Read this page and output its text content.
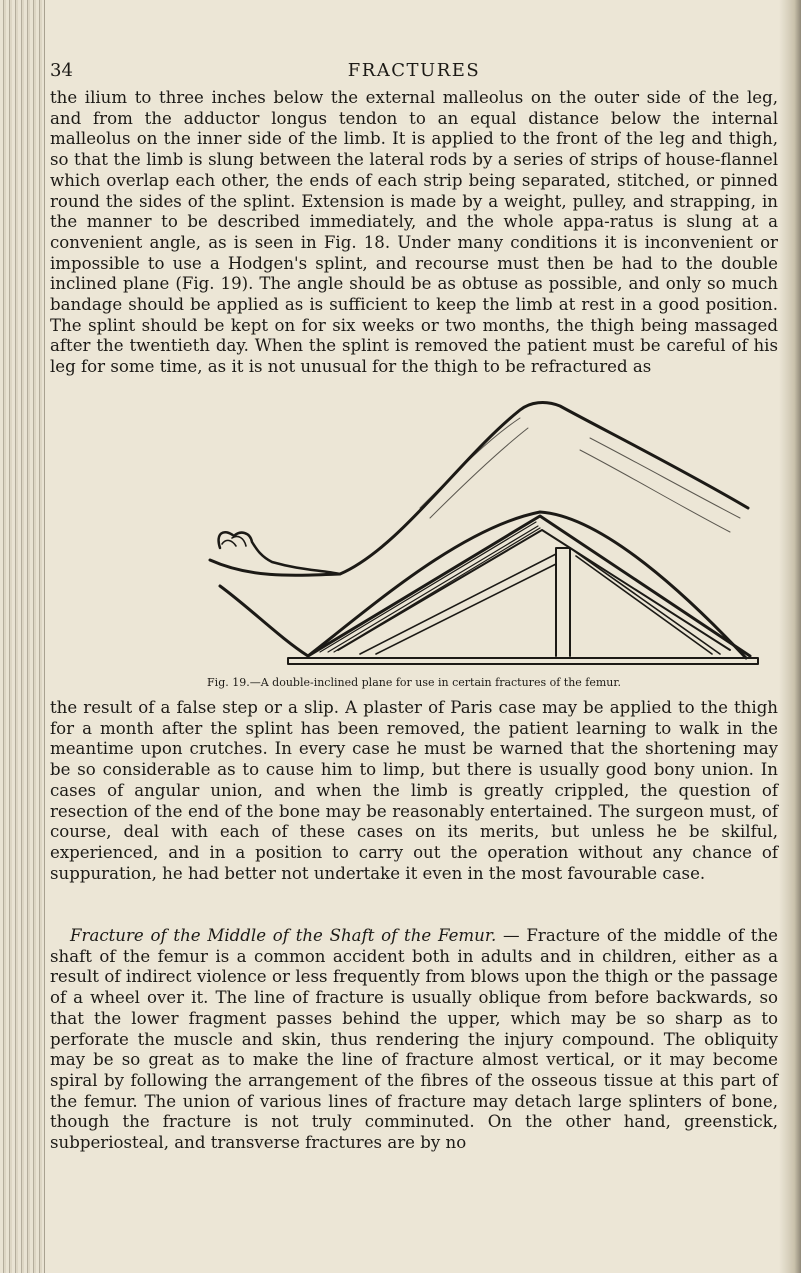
34	FRACTURES

the ilium to three inches below the external malleolus on the outer side of the leg, and from the adductor longus tendon to an equal distance below the internal malleolus on the inner side of the limb. It is applied to the front of the leg and thigh, so that the limb is slung between the lateral rods by a series of strips of house-flannel which overlap each other, the ends of each strip being separated, stitched, or pinned round the sides of the splint. Extension is made by a weight, pulley, and strapping, in the manner to be described immediately, and the whole appa-ratus is slung at a convenient angle, as is seen in Fig. 18. Under many conditions it is inconvenient or impossible to use a Hodgen's splint, and recourse must then be had to the double inclined plane (Fig. 19). The angle should be as obtuse as possible, and only so much bandage should be applied as is sufficient to keep the limb at rest in a good position. The splint should be kept on for six weeks or two months, the thigh being massaged after the twentieth day. When the splint is removed the patient must be careful of his leg for some time, as it is not unusual for the thigh to be refractured as

Fig. 19.—A double-inclined plane for use in certain fractures of the femur.

the result of a false step or a slip. A plaster of Paris case may be applied to the thigh for a month after the splint has been removed, the patient learning to walk in the meantime upon crutches. In every case he must be warned that the shortening may be so considerable as to cause him to limp, but there is usually good bony union. In cases of angular union, and when the limb is greatly crippled, the question of resection of the end of the bone may be reasonably entertained. The surgeon must, of course, deal with each of these cases on its merits, but unless he be skilful, experienced, and in a position to carry out the operation without any chance of suppuration, he had better not undertake it even in the most favourable case.

Fracture of the Middle of the Shaft of the Femur. — Fracture of the middle of the shaft of the femur is a common accident both in adults and in children, either as a result of indirect violence or less frequently from blows upon the thigh or the passage of a wheel over it. The line of fracture is usually oblique from before backwards, so that the lower fragment passes behind the upper, which may be so sharp as to perforate the muscle and skin, thus rendering the injury compound. The obliquity may be so great as to make the line of fracture almost vertical, or it may become spiral by following the arrangement of the fibres of the osseous tissue at this part of the femur. The union of various lines of fracture may detach large splinters of bone, though the fracture is not truly comminuted. On the other hand, greenstick, subperiosteal, and transverse fractures are by no
